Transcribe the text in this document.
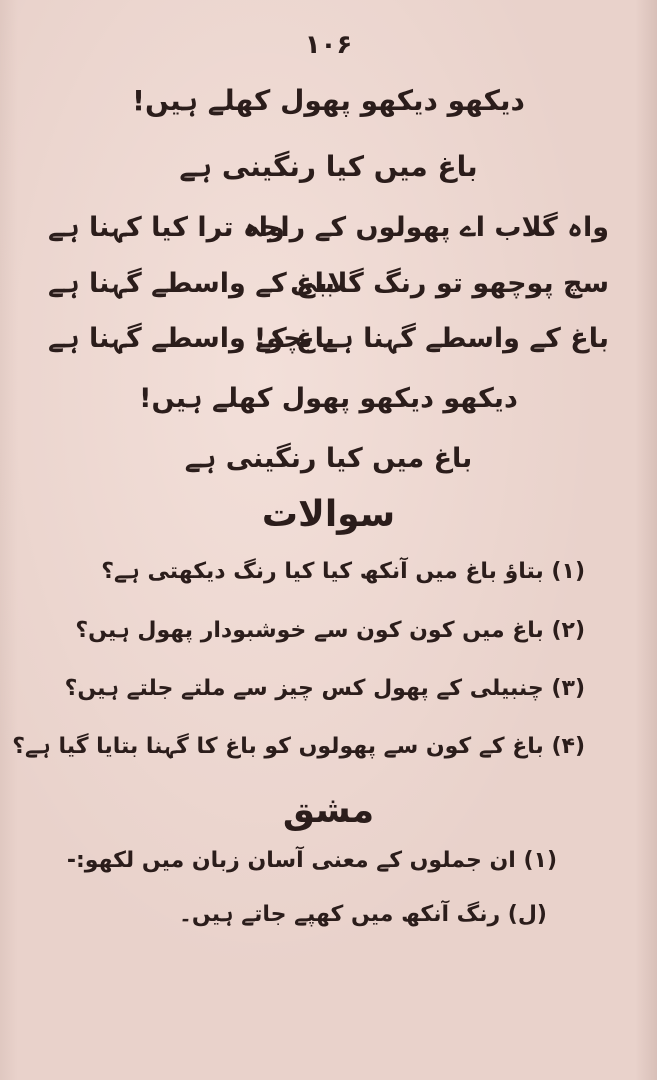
۱۰۶
دیکھو دیکھو پھول کھلے ہیں!
باغ میں کیا رنگینی ہے
واہ گلاب اے پھولوں کے راجہ
واہ ترا کیا کہنا ہے
سچ پوچھو تو رنگ گلابی
باغ کے واسطے گہنا ہے
باغ کے واسطے گہنا ہے بچو!
باغ کے واسطے گہنا ہے
دیکھو دیکھو پھول کھلے ہیں!
باغ میں کیا رنگینی ہے
سوالات
(۱) بتاؤ باغ میں آنکھ کیا کیا رنگ دیکھتی ہے؟
(۲) باغ میں کون کون سے خوشبودار پھول ہیں؟
(۳) چنبیلی کے پھول کس چیز سے ملتے جلتے ہیں؟
(۴) باغ کے کون سے پھولوں کو باغ کا گہنا بتایا گیا ہے؟
مشق
(۱) ان جملوں کے معنی آسان زبان میں لکھو:-
(ل) رنگ آنکھ میں کھپے جاتے ہیں۔
